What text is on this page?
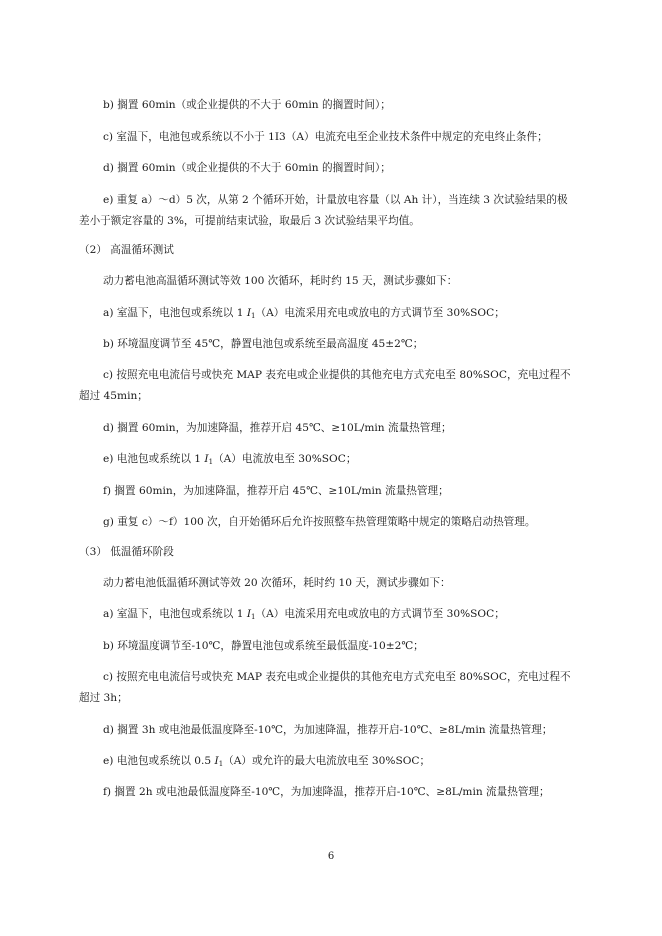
b) 搁置 60min（或企业提供的不大于 60min 的搁置时间）；
c) 室温下，电池包或系统以不小于 1I3（A）电流充电至企业技术条件中规定的充电终止条件；
d) 搁置 60min（或企业提供的不大于 60min 的搁置时间）；
e) 重复 a）～d）5 次，从第 2 个循环开始，计量放电容量（以 Ah 计），当连续 3 次试验结果的极
差小于额定容量的 3%，可提前结束试验，取最后 3 次试验结果平均值。
（2） 高温循环测试
动力蓄电池高温循环测试等效 100 次循环，耗时约 15 天，测试步骤如下：
a) 室温下，电池包或系统以 1 $I_1(A)$电流采用充电或放电的方式调节至 30%SOC；
b) 环境温度调节至 45℃，静置电池包或系统至最高温度 45±2℃；
c) 按照充电电流信号或快充 MAP 表充电或企业提供的其他充电方式充电至 80%SOC，充电过程不
超过 45min；
d) 搁置 60min，为加速降温，推荐开启 45℃、≥10L/min 流量热管理；
e) 电池包或系统以 1 $I_1(A)$电流放电至 30%SOC；
f) 搁置 60min，为加速降温，推荐开启 45℃、≥10L/min 流量热管理；
g) 重复 c）～f）100 次，自开始循环后允许按照整车热管理策略中规定的策略启动热管理。
（3） 低温循环阶段
动力蓄电池低温循环测试等效 20 次循环，耗时约 10 天，测试步骤如下：
a) 室温下，电池包或系统以 1 $I_1(A)$电流采用充电或放电的方式调节至 30%SOC；
b) 环境温度调节至-10℃，静置电池包或系统至最低温度-10±2℃；
c) 按照充电电流信号或快充 MAP 表充电或企业提供的其他充电方式充电至 80%SOC，充电过程不
超过 3h；
d) 搁置 3h 或电池最低温度降至-10℃，为加速降温，推荐开启-10℃、≥8L/min 流量热管理；
e) 电池包或系统以 0.5 $I_1(A)$或允许的最大电流放电至 30%SOC；
f) 搁置 2h 或电池最低温度降至-10℃，为加速降温，推荐开启-10℃、≥8L/min 流量热管理；
6
